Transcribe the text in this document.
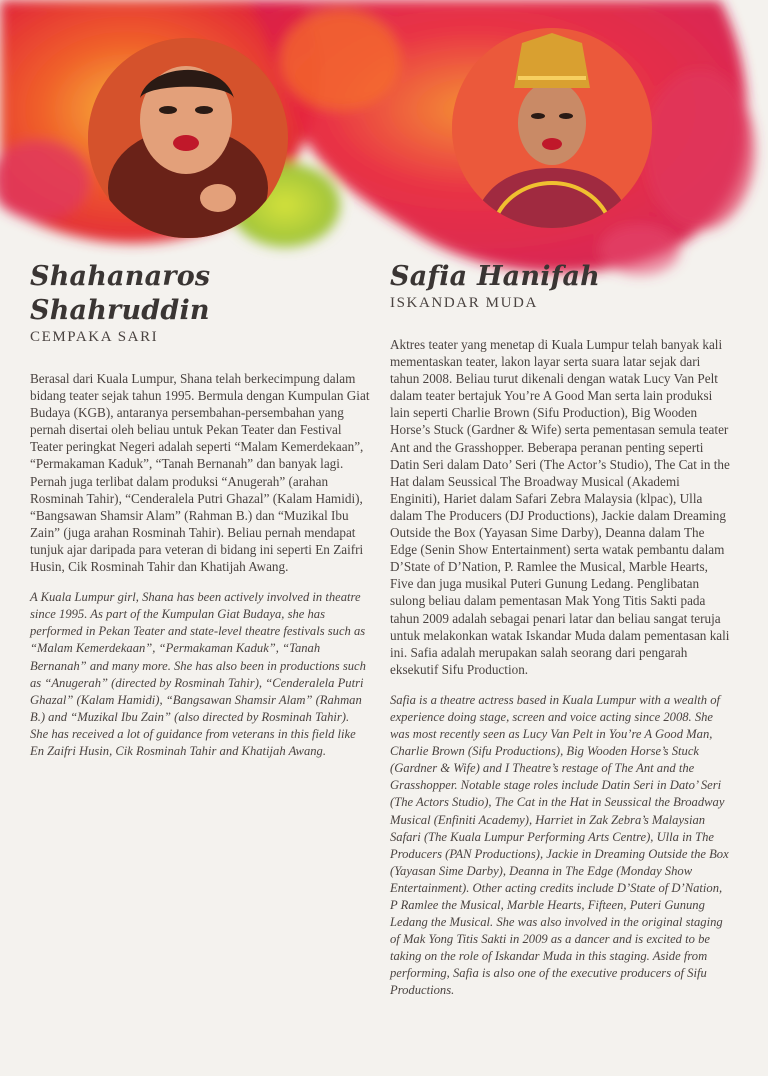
Shahanaros Shahruddin

CEMPAKA SARI

Berasal dari Kuala Lumpur, Shana telah berkecimpung dalam bidang teater sejak tahun 1995. Bermula dengan Kumpulan Giat Budaya (KGB), antaranya persembahan-persembahan yang pernah disertai oleh beliau untuk Pekan Teater dan Festival Teater peringkat Negeri adalah seperti “Malam Kemerdekaan”, “Permakaman Kaduk”, “Tanah Bernanah” dan banyak lagi. Pernah juga terlibat dalam produksi “Anugerah” (arahan Rosminah Tahir), “Cenderalela Putri Ghazal” (Kalam Hamidi), “Bangsawan Shamsir Alam” (Rahman B.) dan “Muzikal Ibu Zain” (juga arahan Rosminah Tahir). Beliau pernah mendapat tunjuk ajar daripada para veteran di bidang ini seperti En Zaifri Husin, Cik Rosminah Tahir dan Khatijah Awang.

A Kuala Lumpur girl, Shana has been actively involved in theatre since 1995. As part of the Kumpulan Giat Budaya, she has performed in Pekan Teater and state-level theatre festivals such as “Malam Kemerdekaan”, “Permakaman Kaduk”, “Tanah Bernanah” and many more. She has also been in productions such as “Anugerah” (directed by Rosminah Tahir), “Cenderalela Putri Ghazal” (Kalam Hamidi), “Bangsawan Shamsir Alam” (Rahman B.) and “Muzikal Ibu Zain” (also directed by Rosminah Tahir). She has received a lot of guidance from veterans in this field like En Zaifri Husin, Cik Rosminah Tahir and Khatijah Awang.

Safia Hanifah

ISKANDAR MUDA

Aktres teater yang menetap di Kuala Lumpur telah banyak kali mementaskan teater, lakon layar serta suara latar sejak dari tahun 2008. Beliau turut dikenali dengan watak Lucy Van Pelt dalam teater bertajuk You’re A Good Man serta lain produksi lain seperti Charlie Brown (Sifu Production), Big Wooden Horse’s Stuck (Gardner & Wife) serta pementasan semula teater Ant and the Grasshopper. Beberapa peranan penting seperti Datin Seri dalam Dato’ Seri (The Actor’s Studio), The Cat in the Hat dalam Seussical The Broadway Musical (Akademi Enginiti), Hariet dalam Safari Zebra Malaysia (klpac), Ulla dalam The Producers (DJ Productions), Jackie dalam Dreaming Outside the Box (Yayasan Sime Darby), Deanna dalam The Edge (Senin Show Entertainment) serta watak pembantu dalam D’State of D’Nation, P. Ramlee the Musical, Marble Hearts, Five dan juga musikal Puteri Gunung Ledang. Penglibatan sulong beliau dalam pementasan Mak Yong Titis Sakti pada tahun 2009 adalah sebagai penari latar dan beliau sangat teruja untuk melakonkan watak Iskandar Muda dalam pementasan kali ini. Safia adalah merupakan salah seorang dari pengarah eksekutif Sifu Production.

Safia is a theatre actress based in Kuala Lumpur with a wealth of experience doing stage, screen and voice acting since 2008. She was most recently seen as Lucy Van Pelt in You’re A Good Man, Charlie Brown (Sifu Productions), Big Wooden Horse’s Stuck (Gardner & Wife) and I Theatre’s restage of The Ant and the Grasshopper. Notable stage roles include Datin Seri in Dato’ Seri (The Actors Studio), The Cat in the Hat in Seussical the Broadway Musical (Enfiniti Academy), Harriet in Zak Zebra’s Malaysian Safari (The Kuala Lumpur Performing Arts Centre), Ulla in The Producers (PAN Productions), Jackie in Dreaming Outside the Box (Yayasan Sime Darby), Deanna in The Edge (Monday Show Entertainment). Other acting credits include D’State of D’Nation, P Ramlee the Musical, Marble Hearts, Fifteen, Puteri Gunung Ledang the Musical. She was also involved in the original staging of Mak Yong Titis Sakti in 2009 as a dancer and is excited to be taking on the role of Iskandar Muda in this staging. Aside from performing, Safia is also one of the executive producers of Sifu Productions.
